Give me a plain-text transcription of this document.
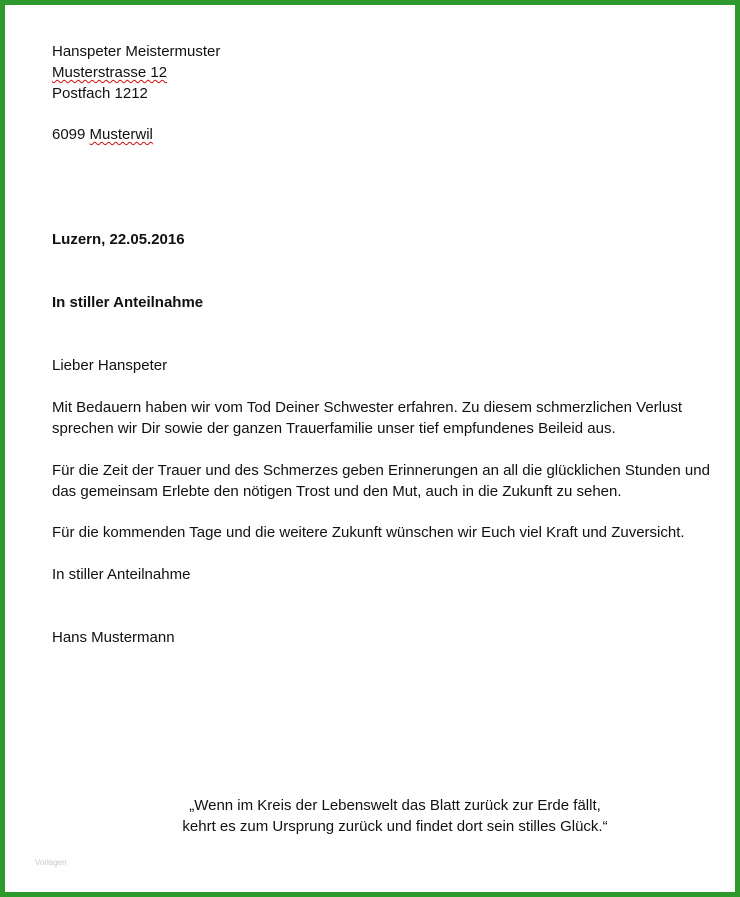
Hanspeter Meistermuster
Musterstrasse 12
Postfach 1212
6099 Musterwil
Luzern, 22.05.2016
In stiller Anteilnahme
Lieber Hanspeter
Mit Bedauern haben wir vom Tod Deiner Schwester erfahren. Zu diesem schmerzlichen Verlust
sprechen wir Dir sowie der ganzen Trauerfamilie unser tief empfundenes Beileid aus.
Für die Zeit der Trauer und des Schmerzes geben Erinnerungen an all die glücklichen Stunden und
das gemeinsam Erlebte den nötigen Trost und den Mut, auch in die Zukunft zu sehen.
Für die kommenden Tage und die weitere Zukunft wünschen wir Euch viel Kraft und Zuversicht.
In stiller Anteilnahme
Hans Mustermann
„Wenn im Kreis der Lebenswelt das Blatt zurück zur Erde fällt,
kehrt es zum Ursprung zurück und findet dort sein stilles Glück.“
Vorlagen
